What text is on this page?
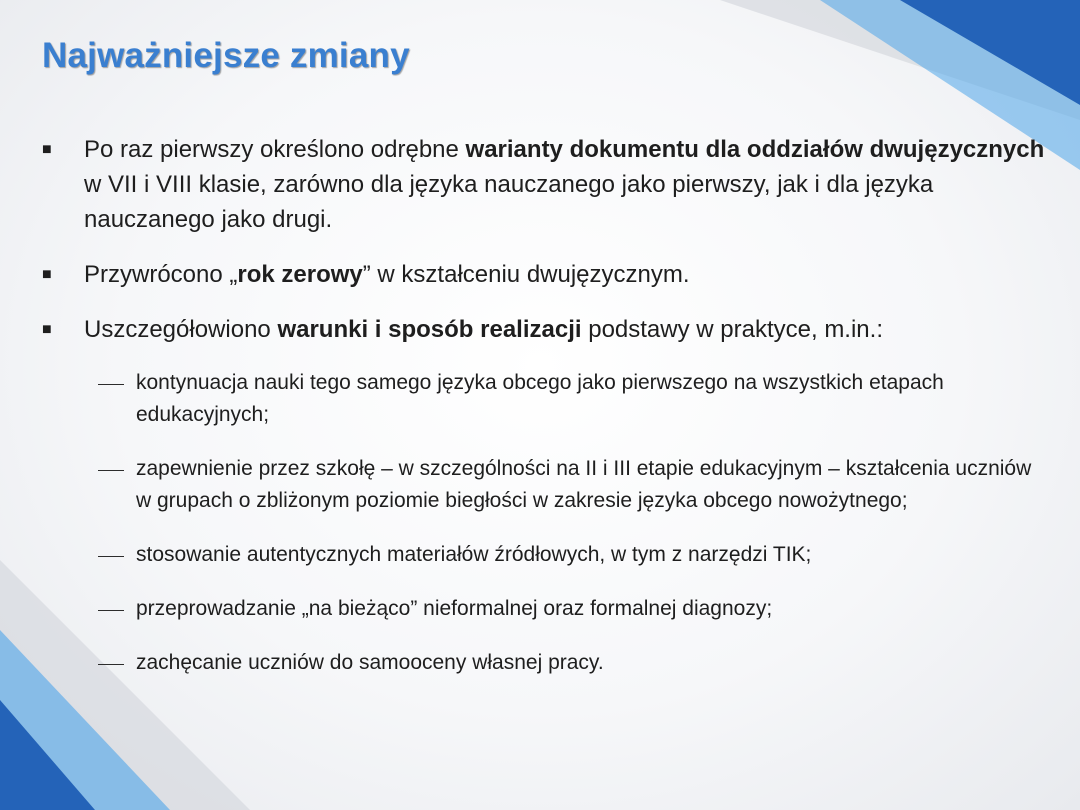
Najważniejsze zmiany
■ Po raz pierwszy określono odrębne warianty dokumentu dla oddziałów dwujęzycznych w VII i VIII klasie, zarówno dla języka nauczanego jako pierwszy, jak i dla języka nauczanego jako drugi.
■ Przywrócono „rok zerowy” w kształceniu dwujęzycznym.
■ Uszczegółowiono warunki i sposób realizacji podstawy w praktyce, m.in.:
kontynuacja nauki tego samego języka obcego jako pierwszego na wszystkich etapach edukacyjnych;
zapewnienie przez szkołę – w szczególności na II i III etapie edukacyjnym – kształcenia uczniów w grupach o zbliżonym poziomie biegłości w zakresie języka obcego nowożytnego;
stosowanie autentycznych materiałów źródłowych, w tym z narzędzi TIK;
przeprowadzanie „na bieżąco” nieformalnej oraz formalnej diagnozy;
zachęcanie uczniów do samooceny własnej pracy.
